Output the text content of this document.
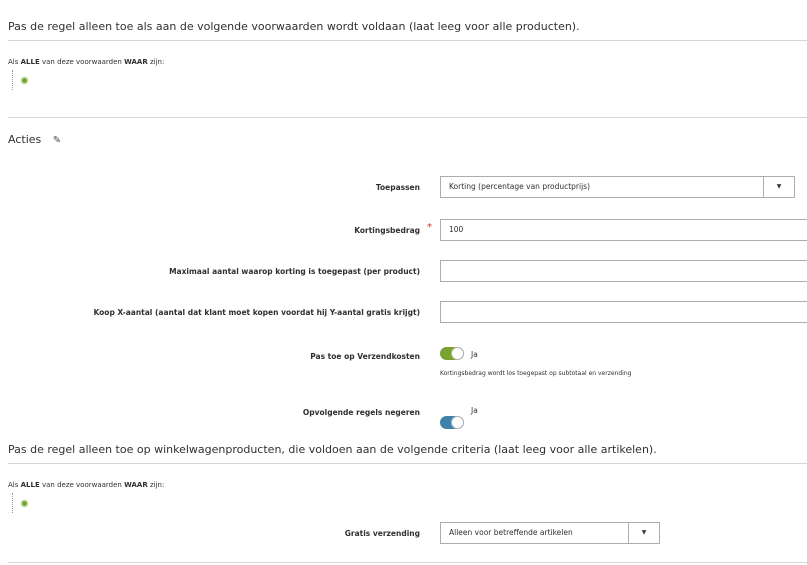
Pas de regel alleen toe als aan de volgende voorwaarden wordt voldaan (laat leeg voor alle producten).
Als ALLE van deze voorwaarden WAAR zijn:
Acties ✎
Toepassen	Korting (percentage van productprijs)	▼
Kortingsbedrag *	100
Maximaal aantal waarop korting is toegepast (per product)
Koop X-aantal (aantal dat klant moet kopen voordat hij Y-aantal gratis krijgt)
Pas toe op Verzendkosten	Ja
Kortingsbedrag wordt los toegepast op subtotaal en verzending
Opvolgende regels negeren	Ja
Pas de regel alleen toe op winkelwagenproducten, die voldoen aan de volgende criteria (laat leeg voor alle artikelen).
Als ALLE van deze voorwaarden WAAR zijn:
Gratis verzending	Alleen voor betreffende artikelen	▼
